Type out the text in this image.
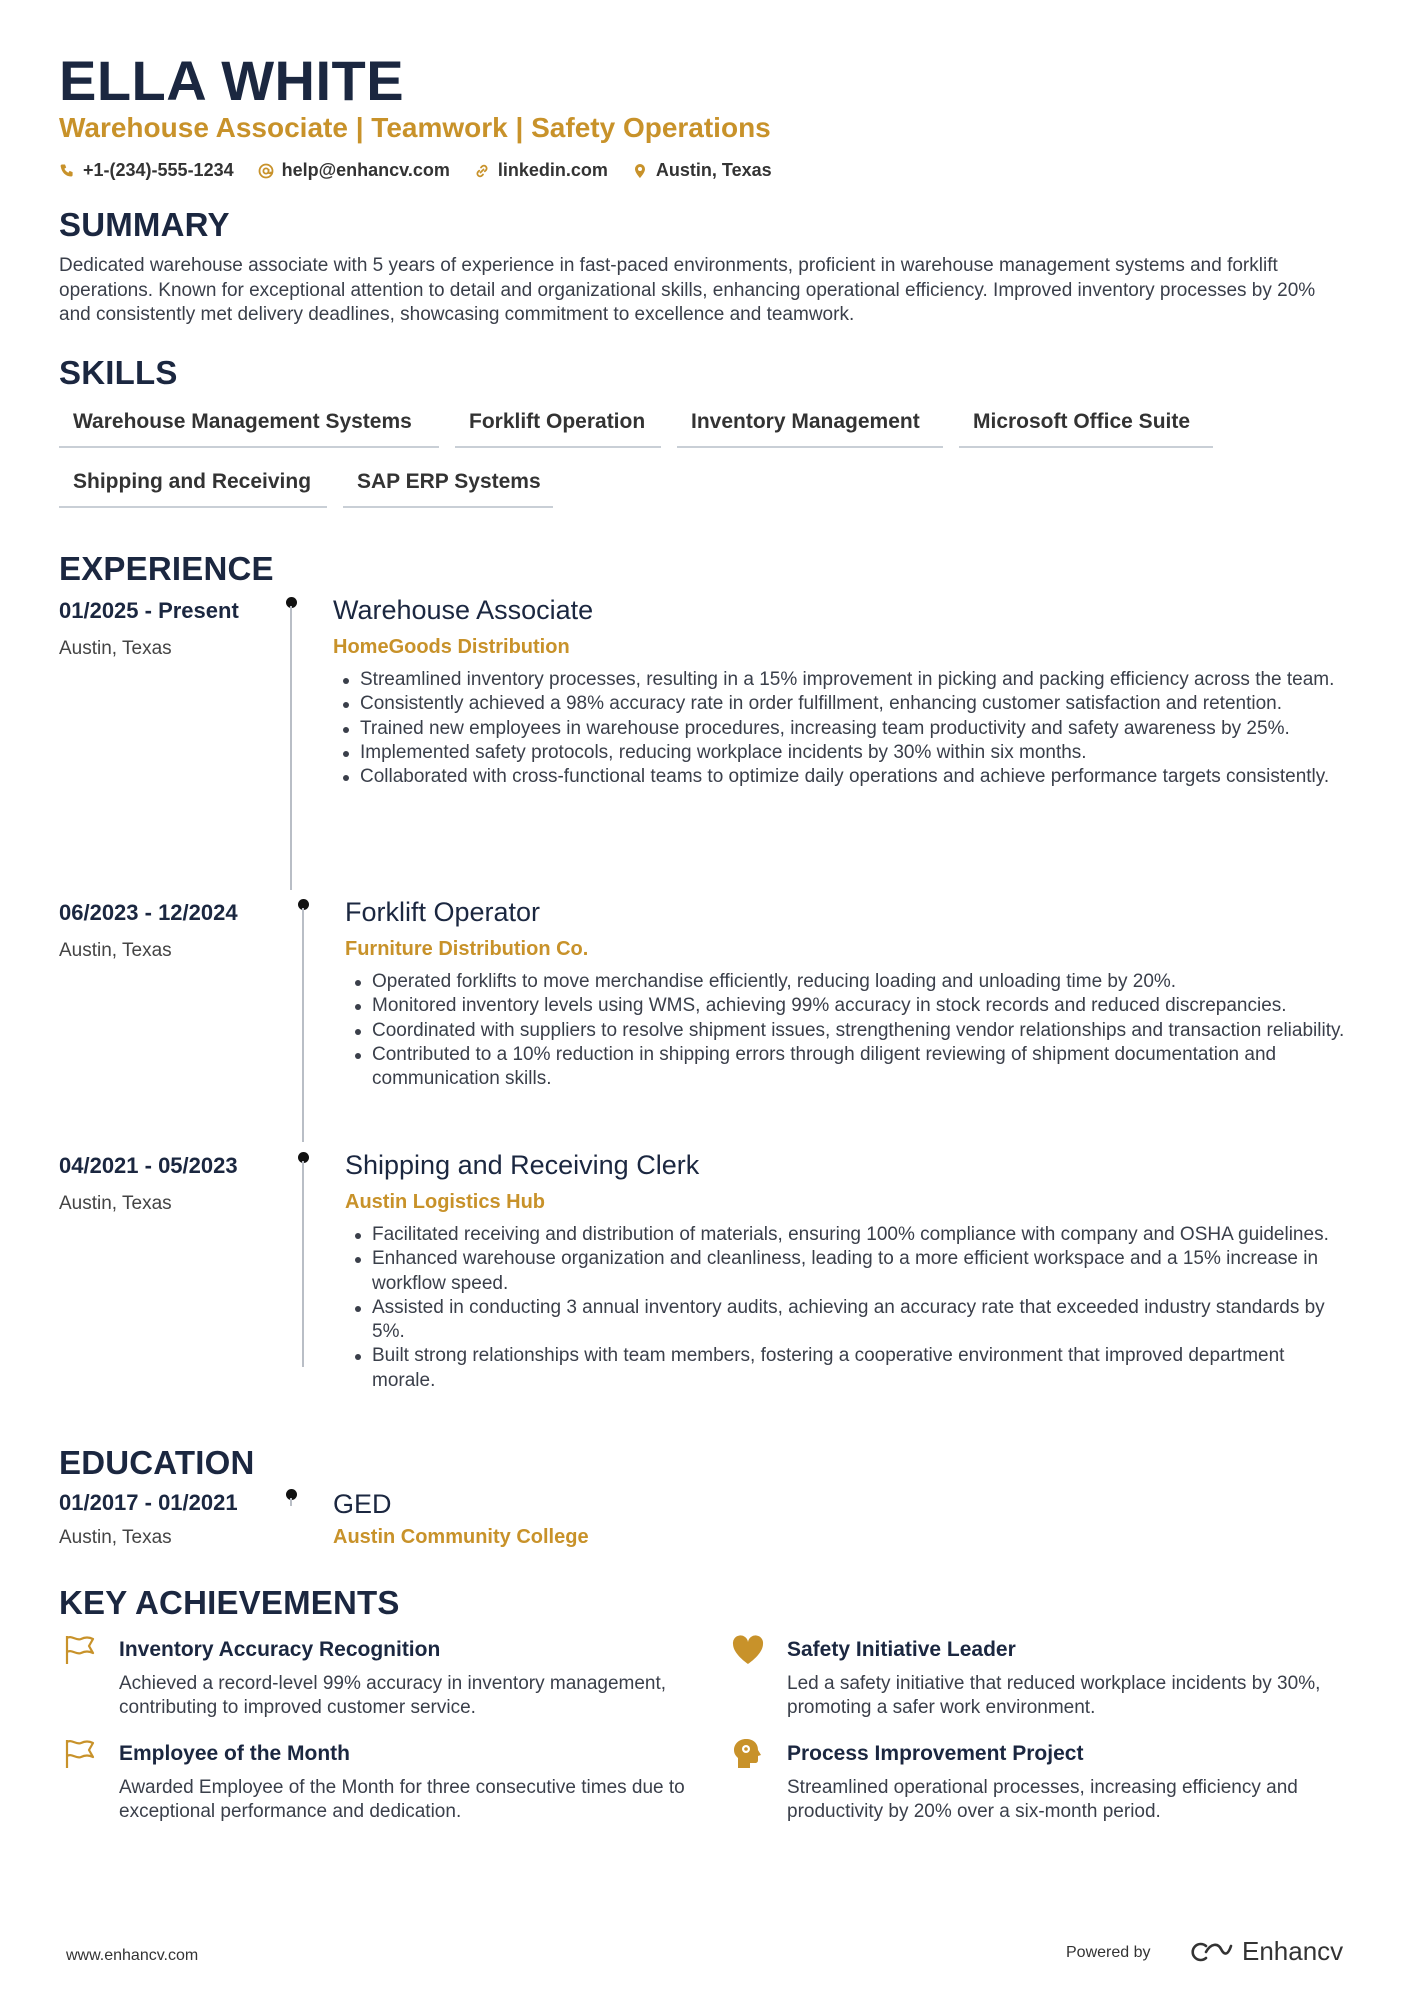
ELLA WHITE
Warehouse Associate | Teamwork | Safety Operations
+1-(234)-555-1234	help@enhancv.com	linkedin.com	Austin, Texas
SUMMARY
Dedicated warehouse associate with 5 years of experience in fast-paced environments, proficient in warehouse management systems and forklift operations. Known for exceptional attention to detail and organizational skills, enhancing operational efficiency. Improved inventory processes by 20% and consistently met delivery deadlines, showcasing commitment to excellence and teamwork.
SKILLS
Warehouse Management Systems	Forklift Operation	Inventory Management	Microsoft Office Suite
Shipping and Receiving	SAP ERP Systems
EXPERIENCE
01/2025 - Present
Austin, Texas
Warehouse Associate
HomeGoods Distribution
Streamlined inventory processes, resulting in a 15% improvement in picking and packing efficiency across the team.
Consistently achieved a 98% accuracy rate in order fulfillment, enhancing customer satisfaction and retention.
Trained new employees in warehouse procedures, increasing team productivity and safety awareness by 25%.
Implemented safety protocols, reducing workplace incidents by 30% within six months.
Collaborated with cross-functional teams to optimize daily operations and achieve performance targets consistently.
06/2023 - 12/2024
Austin, Texas
Forklift Operator
Furniture Distribution Co.
Operated forklifts to move merchandise efficiently, reducing loading and unloading time by 20%.
Monitored inventory levels using WMS, achieving 99% accuracy in stock records and reduced discrepancies.
Coordinated with suppliers to resolve shipment issues, strengthening vendor relationships and transaction reliability.
Contributed to a 10% reduction in shipping errors through diligent reviewing of shipment documentation and communication skills.
04/2021 - 05/2023
Austin, Texas
Shipping and Receiving Clerk
Austin Logistics Hub
Facilitated receiving and distribution of materials, ensuring 100% compliance with company and OSHA guidelines.
Enhanced warehouse organization and cleanliness, leading to a more efficient workspace and a 15% increase in workflow speed.
Assisted in conducting 3 annual inventory audits, achieving an accuracy rate that exceeded industry standards by 5%.
Built strong relationships with team members, fostering a cooperative environment that improved department morale.
EDUCATION
01/2017 - 01/2021
Austin, Texas
GED
Austin Community College
KEY ACHIEVEMENTS
Inventory Accuracy Recognition
Achieved a record-level 99% accuracy in inventory management, contributing to improved customer service.
Safety Initiative Leader
Led a safety initiative that reduced workplace incidents by 30%, promoting a safer work environment.
Employee of the Month
Awarded Employee of the Month for three consecutive times due to exceptional performance and dedication.
Process Improvement Project
Streamlined operational processes, increasing efficiency and productivity by 20% over a six-month period.
www.enhancv.com	Powered by	Enhancv
